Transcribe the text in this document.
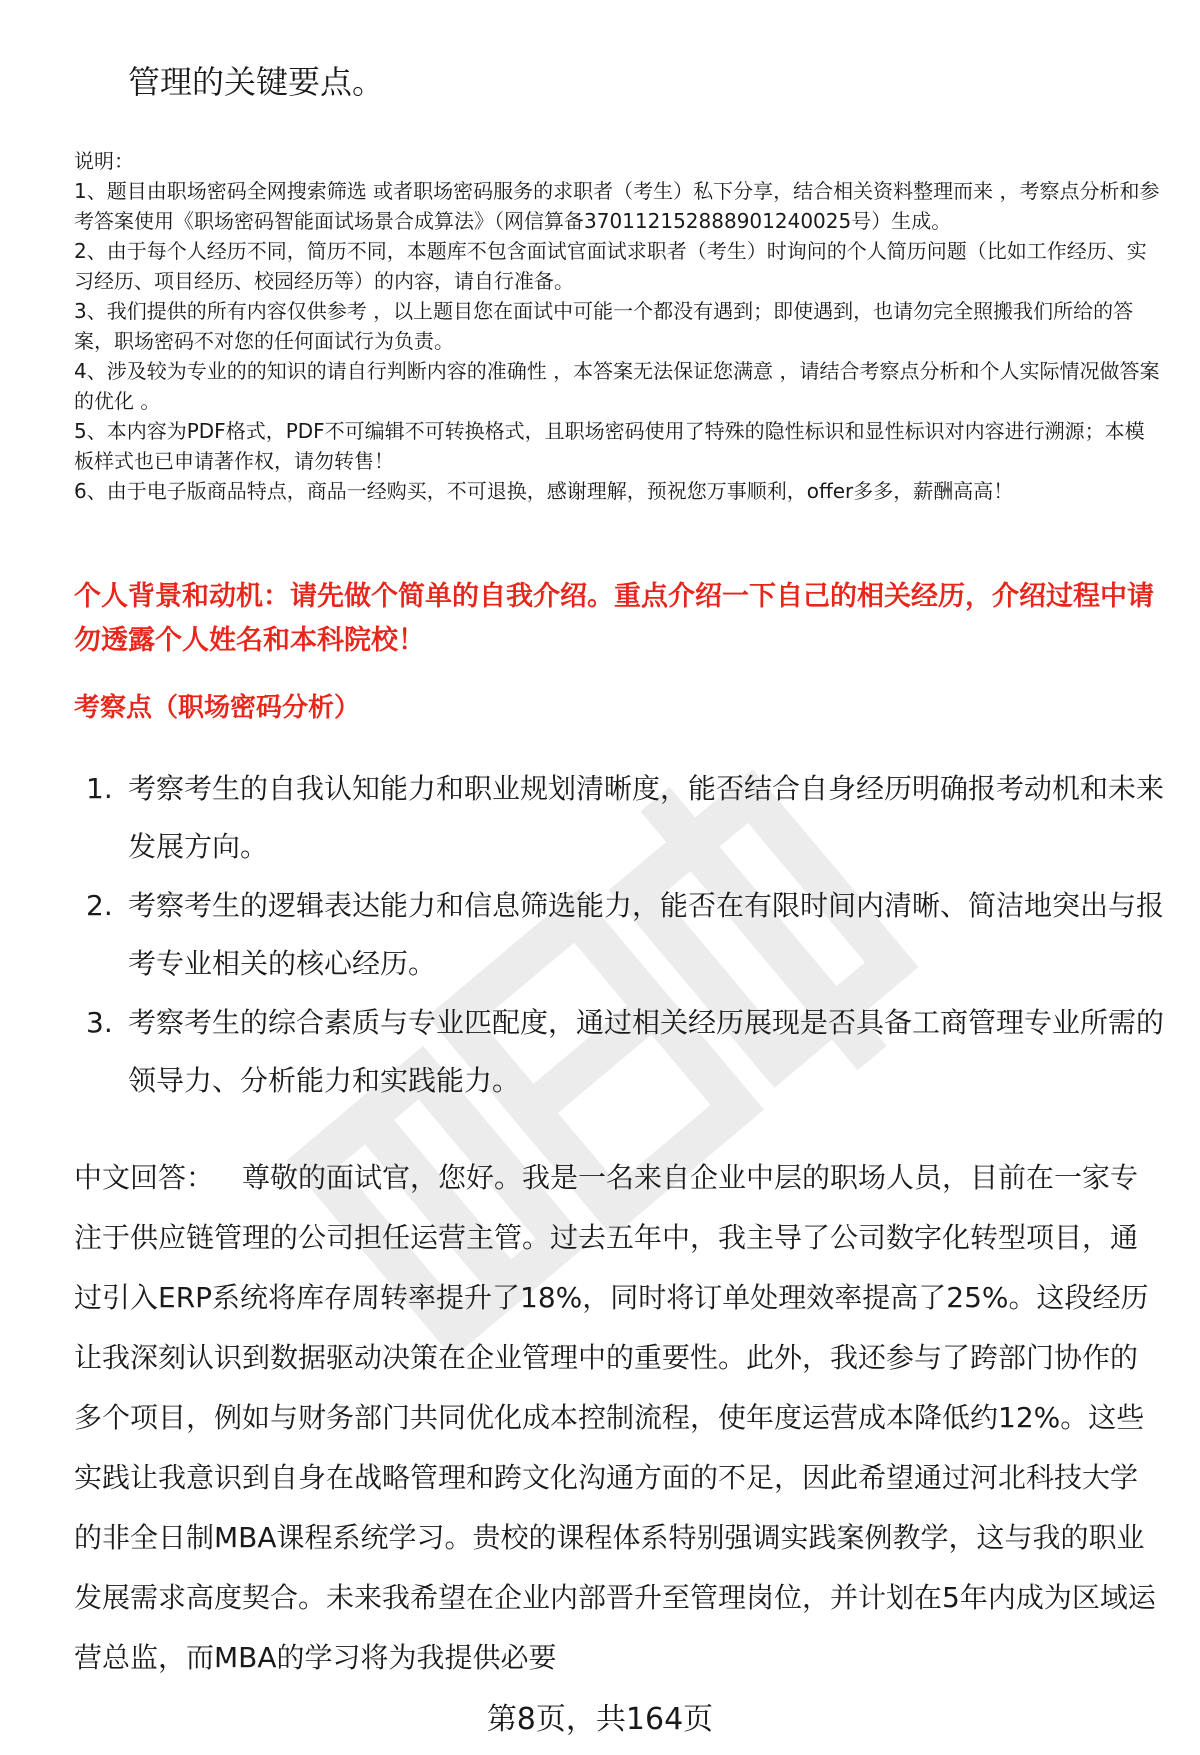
管理的关键要点。
说明：
1、题目由职场密码全网搜索筛选 或者职场密码服务的求职者（考生）私下分享，结合相关资料整理而来 ，考察点分析和参考答案使用《职场密码智能面试场景合成算法》（网信算备370112152888901240025号）生成。
2、由于每个人经历不同，简历不同，本题库不包含面试官面试求职者（考生）时询问的个人简历问题（比如工作经历、实习经历、项目经历、校园经历等）的内容，请自行准备。
3、我们提供的所有内容仅供参考 ，以上题目您在面试中可能一个都没有遇到；即使遇到，也请勿完全照搬我们所给的答案，职场密码不对您的任何面试行为负责。
4、涉及较为专业的的知识的请自行判断内容的准确性 ，本答案无法保证您满意 ，请结合考察点分析和个人实际情况做答案的优化 。
5、本内容为PDF格式，PDF不可编辑不可转换格式，且职场密码使用了特殊的隐性标识和显性标识对内容进行溯源；本模板样式也已申请著作权，请勿转售！
6、由于电子版商品特点，商品一经购买，不可退换，感谢理解，预祝您万事顺利，offer多多，薪酬高高！
个人背景和动机：请先做个简单的自我介绍。重点介绍一下自己的相关经历，介绍过程中请勿透露个人姓名和本科院校！
考察点（职场密码分析）
1. 考察考生的自我认知能力和职业规划清晰度，能否结合自身经历明确报考动机和未来发展方向。
2. 考察考生的逻辑表达能力和信息筛选能力，能否在有限时间内清晰、简洁地突出与报考专业相关的核心经历。
3. 考察考生的综合素质与专业匹配度，通过相关经历展现是否具备工商管理专业所需的领导力、分析能力和实践能力。
中文回答： 尊敬的面试官，您好。我是一名来自企业中层的职场人员，目前在一家专注于供应链管理的公司担任运营主管。过去五年中，我主导了公司数字化转型项目，通过引入ERP系统将库存周转率提升了18%，同时将订单处理效率提高了25%。这段经历让我深刻认识到数据驱动决策在企业管理中的重要性。此外，我还参与了跨部门协作的多个项目，例如与财务部门共同优化成本控制流程，使年度运营成本降低约12%。这些实践让我意识到自身在战略管理和跨文化沟通方面的不足，因此希望通过河北科技大学的非全日制MBA课程系统学习。贵校的课程体系特别强调实践案例教学，这与我的职业发展需求高度契合。未来我希望在企业内部晋升至管理岗位，并计划在5年内成为区域运营总监，而MBA的学习将为我提供必要
第8页，共164页
